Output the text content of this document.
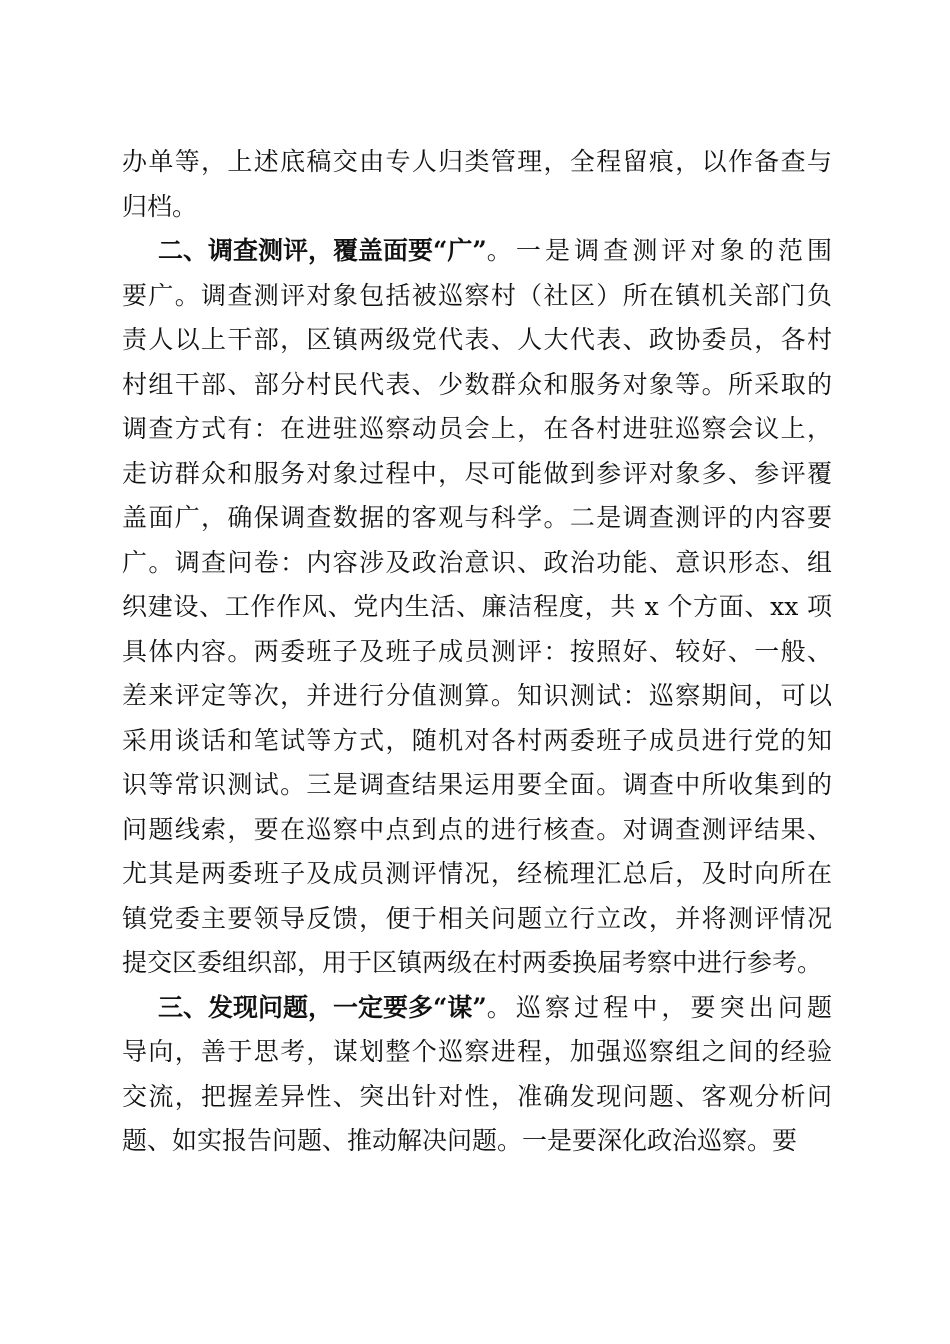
办单等，上述底稿交由专人归类管理，全程留痕，以作备查与
归档。
二、调查测评，覆盖面要“广” 。一是调查测评对象的范围
要广。调查测评对象包括被巡察村（社区）所在镇机关部门负
责人以上干部，区镇两级党代表、人大代表、政协委员，各村
村组干部、部分村民代表、少数群众和服务对象等。所采取的
调查方式有：在进驻巡察动员会上，在各村进驻巡察会议上，
走访群众和服务对象过程中，尽可能做到参评对象多、参评覆
盖面广，确保调查数据的客观与科学。二是调查测评的内容要
广。调查问卷：内容涉及政治意识、政治功能、意识形态、组
织建设、工作作风、党内生活、廉洁程度，共 x 个方面、xx 项
具体内容。两委班子及班子成员测评：按照好、较好、一般、
差来评定等次，并进行分值测算。知识测试：巡察期间，可以
采用谈话和笔试等方式，随机对各村两委班子成员进行党的知
识等常识测试。三是调查结果运用要全面。调查中所收集到的
问题线索，要在巡察中点到点的进行核查。对调查测评结果、
尤其是两委班子及成员测评情况，经梳理汇总后，及时向所在
镇党委主要领导反馈，便于相关问题立行立改，并将测评情况
提交区委组织部，用于区镇两级在村两委换届考察中进行参考。
三、发现问题，一定要多“谋” 。巡察过程中，要突出问题
导向，善于思考，谋划整个巡察进程，加强巡察组之间的经验
交流，把握差异性、突出针对性，准确发现问题、客观分析问
题、如实报告问题、推动解决问题。一是要深化政治巡察。要
